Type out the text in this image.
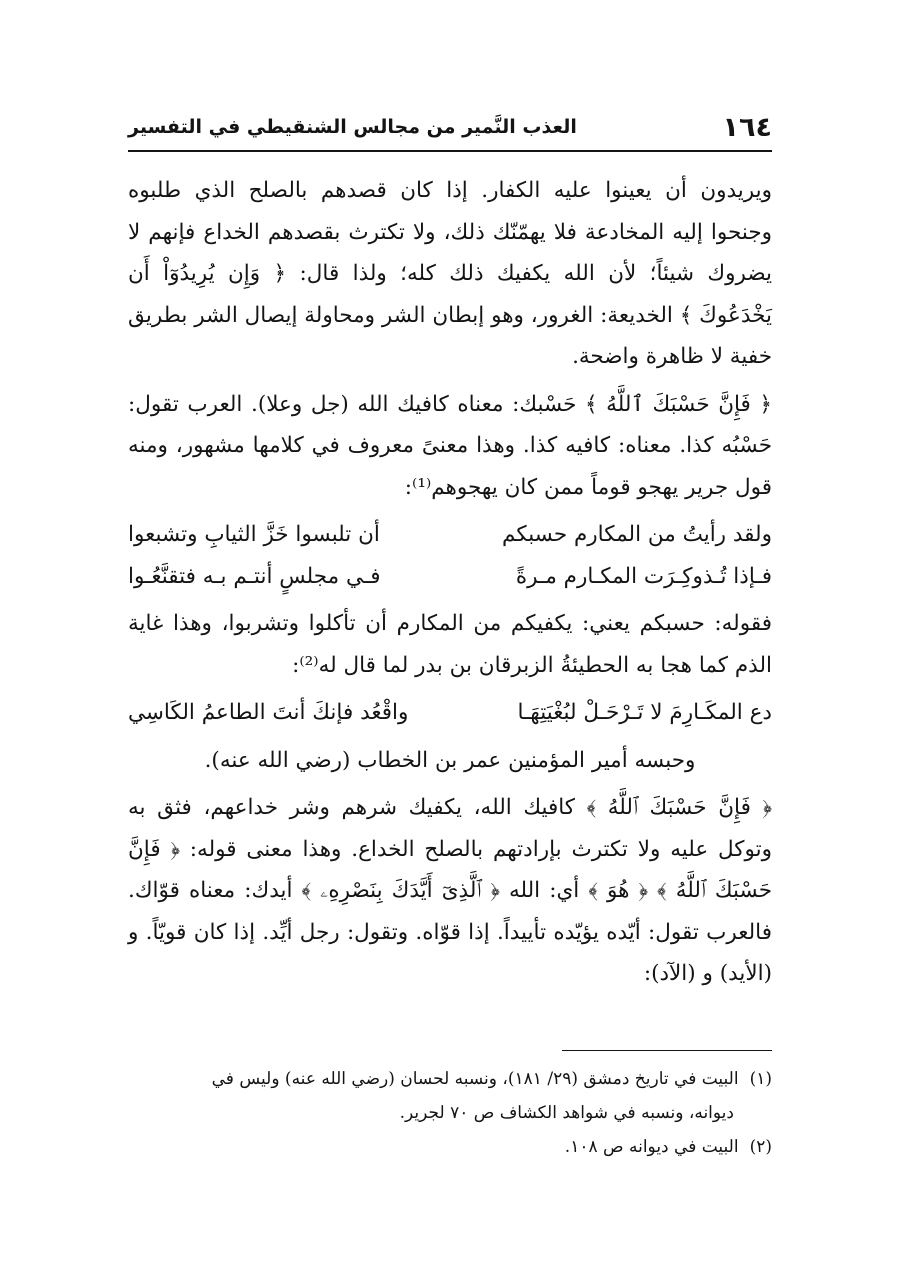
١٦٤
العذب النَّمير من مجالس الشنقيطي في التفسير

ويريدون أن يعينوا عليه الكفار. إذا كان قصدهم بالصلح الذي طلبوه وجنحوا إليه المخادعة فلا يهمّنّك ذلك، ولا تكترث بقصدهم الخداع فإنهم لا يضروك شيئاً؛ لأن الله يكفيك ذلك كله؛ ولذا قال: ﴿ وَإِن يُرِيدُوٓاْ أَن يَخْدَعُوكَ ﴾ الخديعة: الغرور، وهو إبطان الشر ومحاولة إيصال الشر بطريق خفية لا ظاهرة واضحة.

﴿ فَإِنَّ حَسْبَكَ ٱللَّهُ ﴾ حَسْبك: معناه كافيك الله (جل وعلا). العرب تقول: حَسْبُه كذا. معناه: كافيه كذا. وهذا معنىً معروف في كلامها مشهور، ومنه قول جرير يهجو قوماً ممن كان يهجوهم⁽¹⁾:

ولقد رأيتُ من المكارم حسبكم
أن تلبسوا خَزَّ الثيابِ وتشبعوا
فـإذا تُـذوكِـرَت المكـارم مـرةً
فـي مجلسٍ أنتـم بـه فتقنَّعُـوا

فقوله: حسبكم يعني: يكفيكم من المكارم أن تأكلوا وتشربوا، وهذا غاية الذم كما هجا به الحطيئةُ الزبرقان بن بدر لما قال له⁽²⁾:

دع المكَـارِمَ لا تَـرْحَـلْ لبُغْيَتِهَـا
واقْعُد فإنكَ أنتَ الطاعمُ الكَاسِي

وحبسه أمير المؤمنين عمر بن الخطاب (رضي الله عنه).

﴿ فَإِنَّ حَسْبَكَ ٱللَّهُ ﴾ كافيك الله، يكفيك شرهم وشر خداعهم، فثق به وتوكل عليه ولا تكترث بإرادتهم بالصلح الخداع. وهذا معنى قوله: ﴿ فَإِنَّ حَسْبَكَ ٱللَّهُ ﴾ ﴿ هُوَ ﴾ أي: الله ﴿ ٱلَّذِىٓ أَيَّدَكَ بِنَصْرِهِۦ ﴾ أيدك: معناه قوّاك. فالعرب تقول: أيّده يؤيّده تأييداً. إذا قوّاه. وتقول: رجل أيِّد. إذا كان قويّاً. و (الأيد) و (الآد):

(١) البيت في تاريخ دمشق (٢٩/ ١٨١)، ونسبه لحسان (رضي الله عنه) وليس في

ديوانه، ونسبه في شواهد الكشاف ص ٧٠ لجرير.

(٢) البيت في ديوانه ص ١٠٨.
